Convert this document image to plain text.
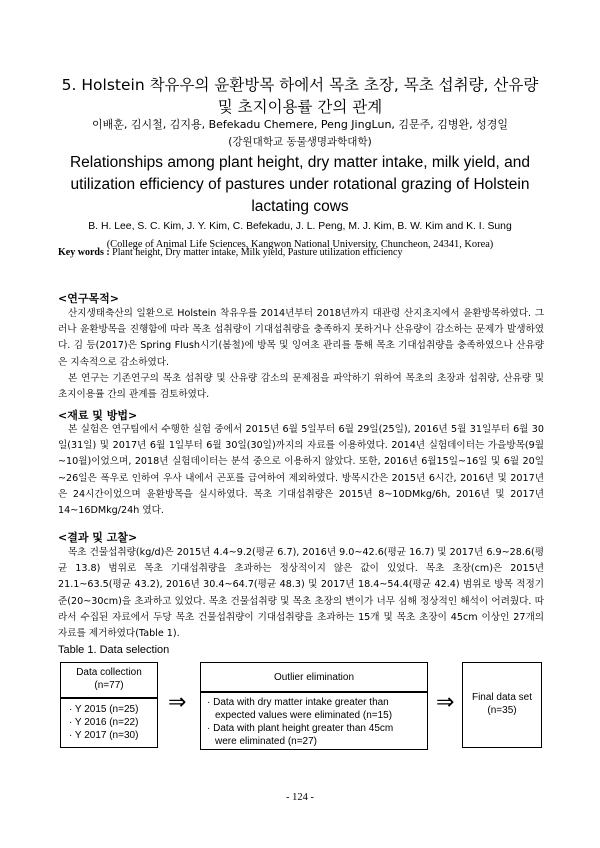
5. Holstein 착유우의 윤환방목 하에서 목초 초장, 목초 섭취량, 산유량
및 초지이용률 간의 관계
이배훈, 김시철, 김지용, Befekadu Chemere, Peng JingLun, 김문주, 김병완, 성경일
(강원대학교 동물생명과학대학)
Relationships among plant height, dry matter intake, milk yield, and
utilization efficiency of pastures under rotational grazing of Holstein
lactating cows
B. H. Lee, S. C. Kim, J. Y. Kim, C. Befekadu, J. L. Peng, M. J. Kim, B. W. Kim and K. I. Sung
(College of Animal Life Sciences, Kangwon National University, Chuncheon, 24341, Korea)
Key words : Plant height, Dry matter intake, Milk yield, Pasture utilization efficiency
<연구목적>

산지생태축산의 일환으로 Holstein 착유우를 2014년부터 2018년까지 대관령 산지초지에서 윤환방목하였다. 그러나 윤환방목을 진행함에 따라 목초 섭취량이 기대섭취량을 충족하지 못하거나 산유량이 감소하는 문제가 발생하였다. 김 등(2017)은 Spring Flush시기(봄철)에 방목 및 잉여초 관리를 통해 목초 기대섭취량을 충족하였으나 산유량은 지속적으로 감소하였다.

본 연구는 기존연구의 목초 섭취량 및 산유량 감소의 문제점을 파악하기 위하여 목초의 초장과 섭취량, 산유량 및 초지이용률 간의 관계를 검토하였다.

<재료 및 방법>

본 실험은 연구팀에서 수행한 실험 중에서 2015년 6월 5일부터 6월 29일(25일), 2016년 5월 31일부터 6월 30일(31일) 및 2017년 6월 1일부터 6월 30일(30일)까지의 자료를 이용하였다. 2014년 실험데이터는 가을방목(9월~10월)이었으며, 2018년 실험데이터는 분석 중으로 이용하지 않았다. 또한, 2016년 6월15일~16일 및 6월 20일~26일은 폭우로 인하여 우사 내에서 곤포를 급여하여 제외하였다. 방목시간은 2015년 6시간, 2016년 및 2017년은 24시간이었으며 윤환방목을 실시하였다. 목초 기대섭취량은 2015년 8~10DMkg/6h, 2016년 및 2017년 14~16DMkg/24h 였다.

<결과 및 고찰>

목초 건물섭취량(kg/d)은 2015년 4.4~9.2(평균 6.7), 2016년 9.0~42.6(평균 16.7) 및 2017년 6.9~28.6(평균 13.8) 범위로 목초 기대섭취량을 초과하는 정상적이지 않은 값이 있었다. 목초 초장(cm)은 2015년 21.1~63.5(평균 43.2), 2016년 30.4~64.7(평균 48.3) 및 2017년 18.4~54.4(평균 42.4) 범위로 방목 적정기준(20~30cm)을 초과하고 있었다. 목초 건물섭취량 및 목초 초장의 변이가 너무 심해 정상적인 해석이 어려웠다. 따라서 수집된 자료에서 두당 목초 건물섭취량이 기대섭취량을 초과하는 15개 및 목초 초장이 45cm 이상인 27개의 자료를 제거하였다(Table 1).

Table 1. Data selection
Data collection
(n=77)
· Y 2015 (n=25)
· Y 2016 (n=22)
· Y 2017 (n=30)
⇒
Outlier elimination
· Data with dry matter intake greater than
expected values were eliminated (n=15)
· Data with plant height greater than 45cm
were eliminated (n=27)
⇒	Final data set
(n=35)
- 124 -
